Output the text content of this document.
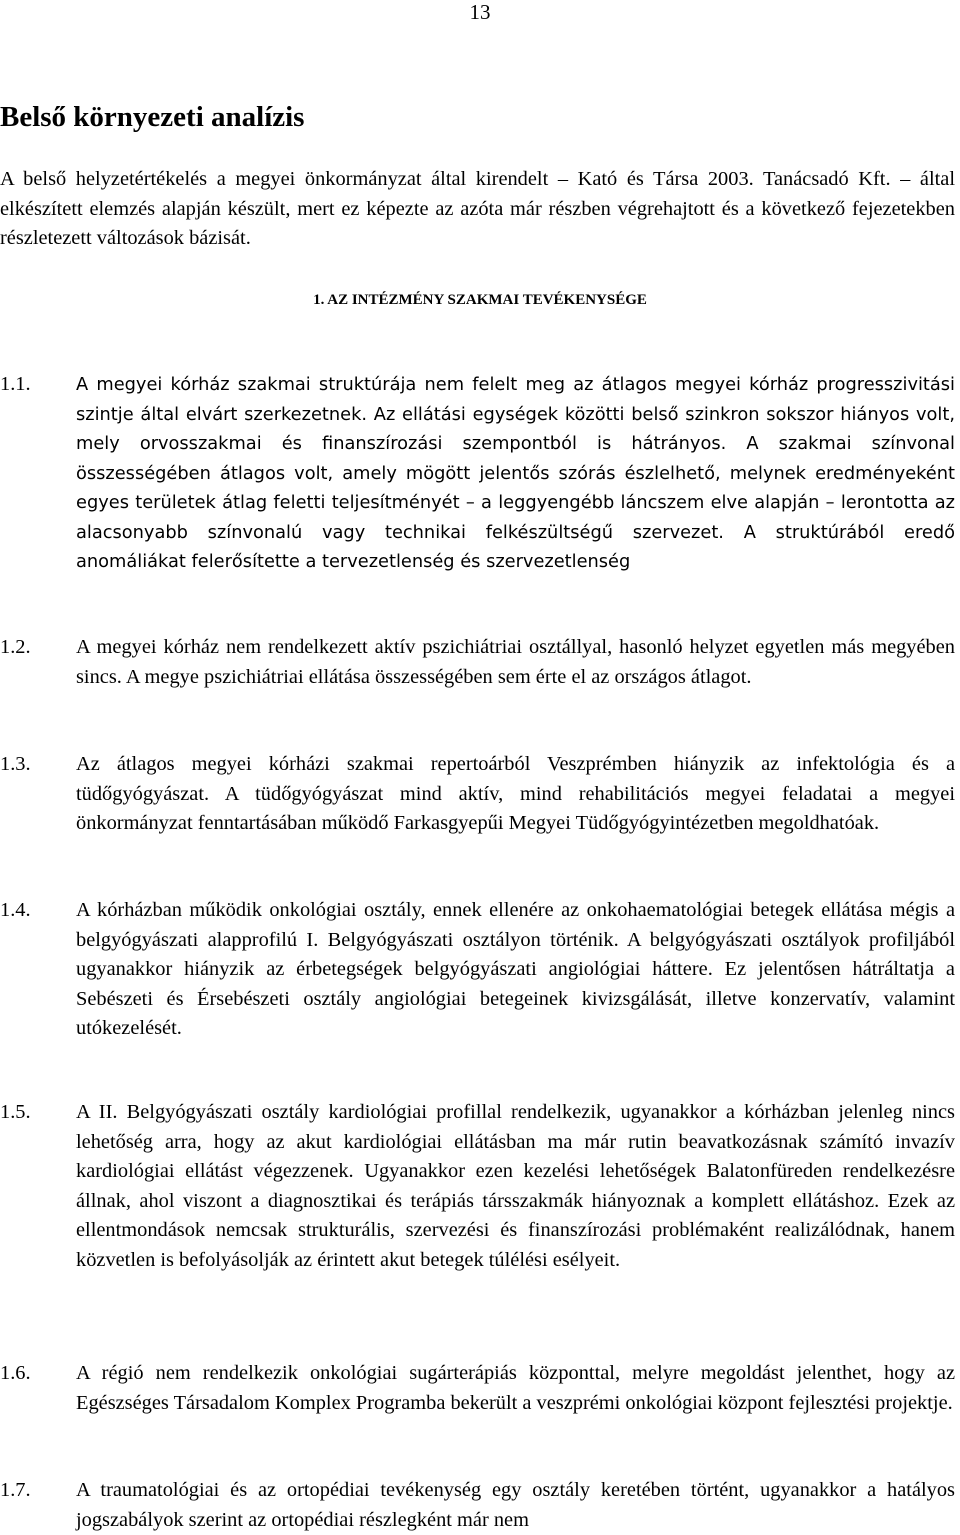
13
Belső környezeti analízis

A belső helyzetértékelés a megyei önkormányzat által kirendelt – Kató és Társa 2003. Tanácsadó Kft. – által elkészített elemzés alapján készült, mert ez képezte az azóta már részben végrehajtott és a következő fejezetekben részletezett változások bázisát.

1. AZ INTÉZMÉNY SZAKMAI TEVÉKENYSÉGE
1.1.	A megyei kórház szakmai struktúrája nem felelt meg az átlagos megyei kórház progresszivitási szintje által elvárt szerkezetnek. Az ellátási egységek közötti belső szinkron sokszor hiányos volt, mely orvosszakmai és finanszírozási szempontból is hátrányos. A szakmai színvonal összességében átlagos volt, amely mögött jelentős szórás észlelhető, melynek eredményeként egyes területek átlag feletti teljesítményét – a leggyengébb láncszem elve alapján – lerontotta az alacsonyabb színvonalú vagy technikai felkészültségű szervezet. A struktúrából eredő anomáliákat felerősítette a tervezetlenség és szervezetlenség

1.2.	A megyei kórház nem rendelkezett aktív pszichiátriai osztállyal, hasonló helyzet egyetlen más megyében sincs. A megye pszichiátriai ellátása összességében sem érte el az országos átlagot.

1.3.	Az átlagos megyei kórházi szakmai repertoárból Veszprémben hiányzik az infektológia és a tüdőgyógyászat. A tüdőgyógyászat mind aktív, mind rehabilitációs megyei feladatai a megyei önkormányzat fenntartásában működő Farkasgyepűi Megyei Tüdőgyógyintézetben megoldhatóak.

1.4.	A kórházban működik onkológiai osztály, ennek ellenére az onkohaematológiai betegek ellátása mégis a belgyógyászati alapprofilú I. Belgyógyászati osztályon történik. A belgyógyászati osztályok profiljából ugyanakkor hiányzik az érbetegségek belgyógyászati angiológiai háttere. Ez jelentősen hátráltatja a Sebészeti és Érsebészeti osztály angiológiai betegeinek kivizsgálását, illetve konzervatív, valamint utókezelését.

1.5.	A II. Belgyógyászati osztály kardiológiai profillal rendelkezik, ugyanakkor a kórházban jelenleg nincs lehetőség arra, hogy az akut kardiológiai ellátásban ma már rutin beavatkozásnak számító invazív kardiológiai ellátást végezzenek. Ugyanakkor ezen kezelési lehetőségek Balatonfüreden rendelkezésre állnak, ahol viszont a diagnosztikai és terápiás társszakmák hiányoznak a komplett ellátáshoz. Ezek az ellentmondások nemcsak strukturális, szervezési és finanszírozási problémaként realizálódnak, hanem közvetlen is befolyásolják az érintett akut betegek túlélési esélyeit.

1.6.	A régió nem rendelkezik onkológiai sugárterápiás központtal, melyre megoldást jelenthet, hogy az Egészséges Társadalom Komplex Programba bekerült a veszprémi onkológiai központ fejlesztési projektje.

1.7.	A traumatológiai és az ortopédiai tevékenység egy osztály keretében történt, ugyanakkor a hatályos jogszabályok szerint az ortopédiai részlegként már nem
